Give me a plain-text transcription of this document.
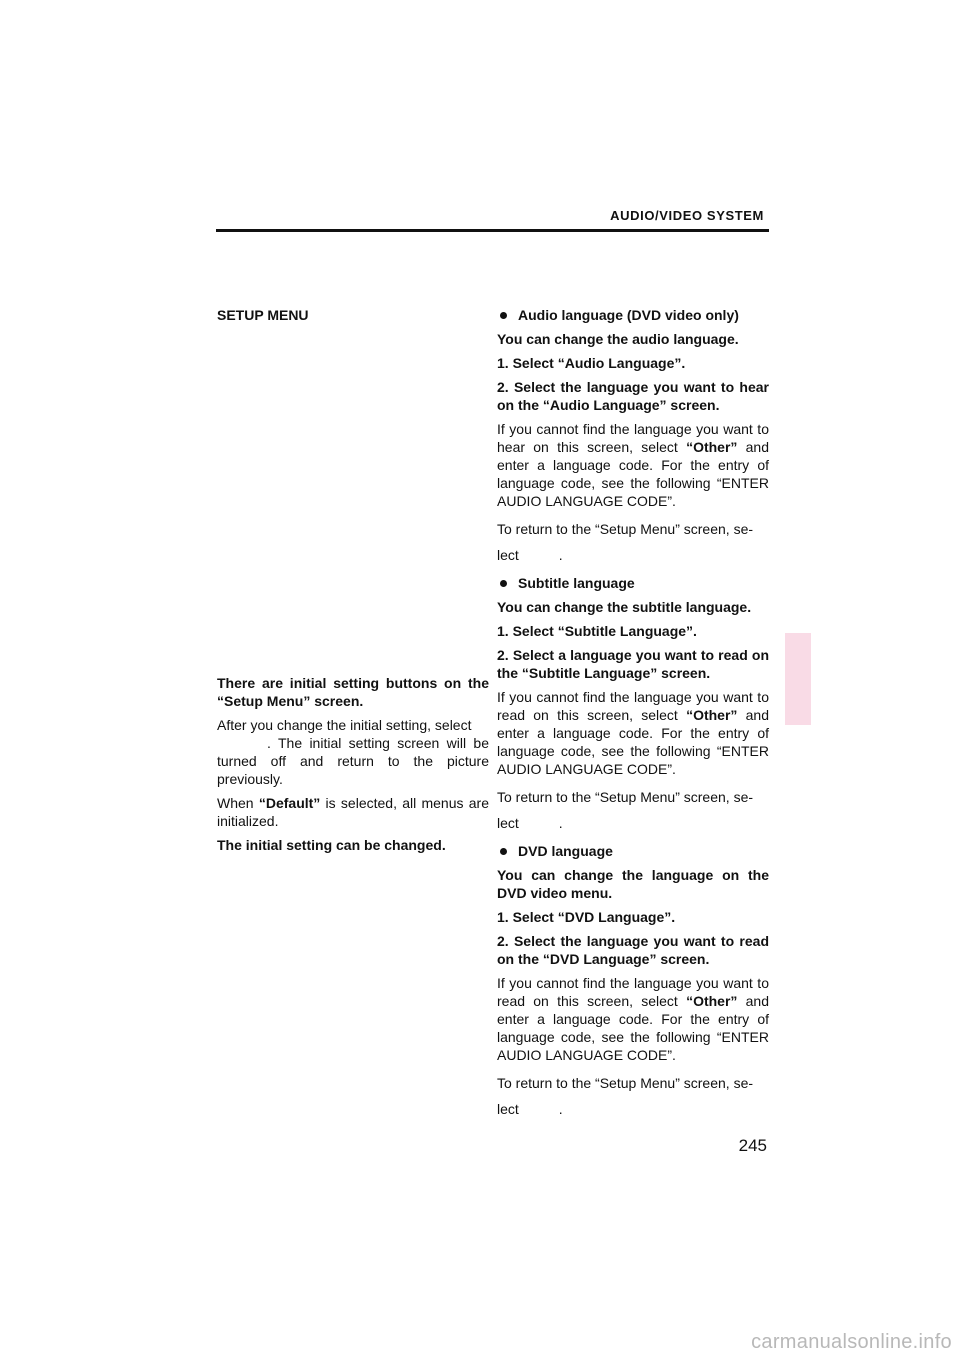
AUDIO/VIDEO SYSTEM

SETUP MENU

There are initial setting buttons on the “Setup Menu” screen.

After you change the initial setting, select
. The initial setting screen will be turned off and return to the picture previously.

When “Default” is selected, all menus are initialized.

The initial setting can be changed.

Audio language (DVD video only)

You can change the audio language.

1. Select “Audio Language”.

2. Select the language you want to hear on the “Audio Language” screen.

If you cannot find the language you want to hear on this screen, select “Other” and enter a language code. For the entry of language code, see the following “ENTER AUDIO LANGUAGE CODE”.

To return to the “Setup Menu” screen, se-
lect	.

Subtitle language

You can change the subtitle language.

1. Select “Subtitle Language”.

2. Select a language you want to read on the “Subtitle Language” screen.

If you cannot find the language you want to read on this screen, select “Other” and enter a language code. For the entry of language code, see the following “ENTER AUDIO LANGUAGE CODE”.

To return to the “Setup Menu” screen, se-
lect	.

DVD language

You can change the language on the DVD video menu.

1. Select “DVD Language”.

2. Select the language you want to read on the “DVD Language” screen.

If you cannot find the language you want to read on this screen, select “Other” and enter a language code. For the entry of language code, see the following “ENTER AUDIO LANGUAGE CODE”.

To return to the “Setup Menu” screen, se-
lect	.

245
carmanualsonline.info
